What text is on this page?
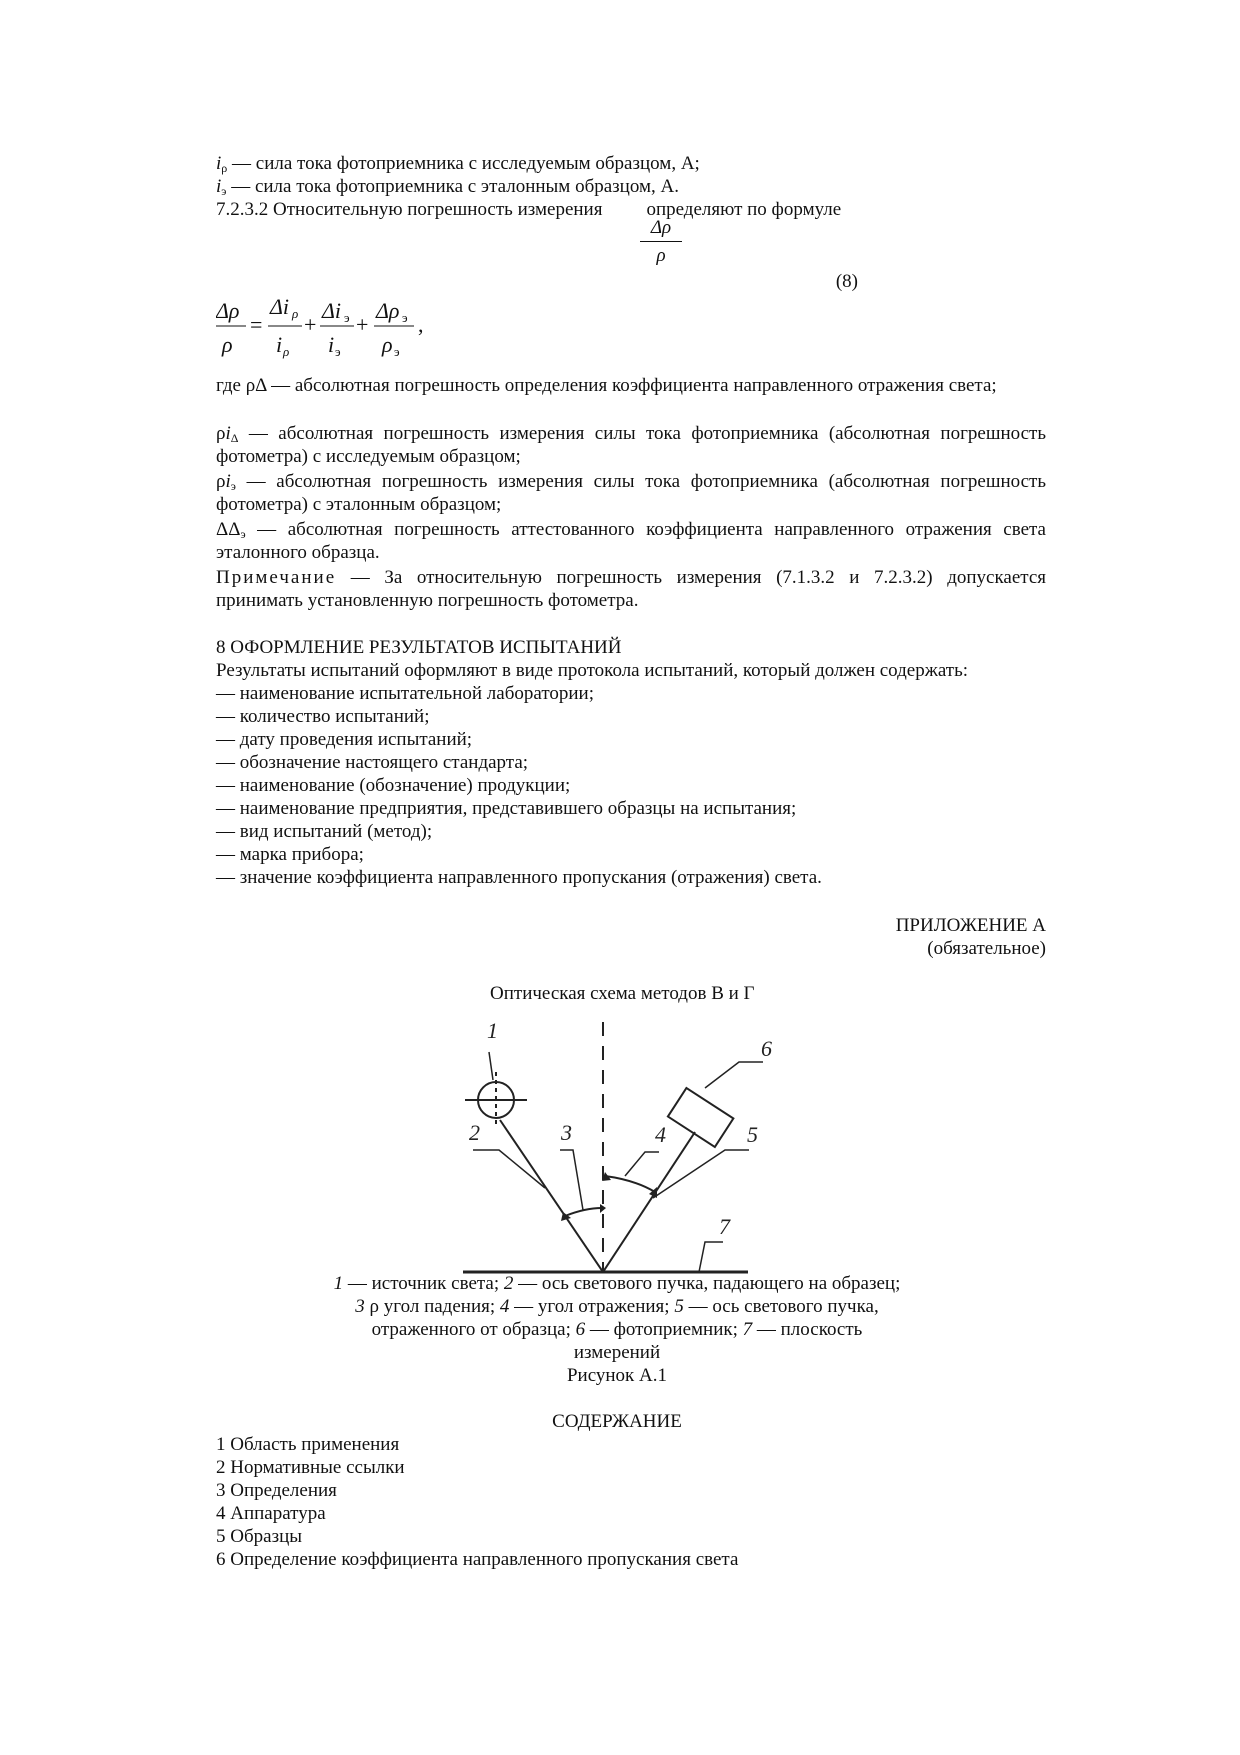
$i_\rho$ — сила тока фотоприемника с исследуемым образцом, А;
$i_э$ — сила тока фотоприемника с эталонным образцом, А.
7.2.3.2 Относительную погрешность измерения определяют по формуле
Δρ
ρ
(8)
Δρ
ρ
=
Δi ρ
i ρ
+
Δi э
i э
+
Δρ э
ρ э
,
где ρΔ — абсолютная погрешность определения коэффициента направленного отражения света;
$\rho i_\Delta$ — абсолютная погрешность измерения силы тока фотоприемника (абсолютная погрешность фотометра) с исследуемым образцом;
$\rho i_э$ — абсолютная погрешность измерения силы тока фотоприемника (абсолютная погрешность фотометра) с эталонным образцом;
$\Delta\Delta_э$ — абсолютная погрешность аттестованного коэффициента направленного отражения света эталонного образца.
Примечание — За относительную погрешность измерения (7.1.3.2 и 7.2.3.2) допускается принимать установленную погрешность фотометра.
8 ОФОРМЛЕНИЕ РЕЗУЛЬТАТОВ ИСПЫТАНИЙ
Результаты испытаний оформляют в виде протокола испытаний, который должен содержать:
— наименование испытательной лаборатории;
— количество испытаний;
— дату проведения испытаний;
— обозначение настоящего стандарта;
— наименование (обозначение) продукции;
— наименование предприятия, представившего образцы на испытания;
— вид испытаний (метод);
— марка прибора;
— значение коэффициента направленного пропускания (отражения) света.
ПРИЛОЖЕНИЕ А
(обязательное)
Оптическая схема методов В и Г
1
2	3	4	5
6
7
1 — источник света; 2 — ось светового пучка, падающего на образец;
3 ρ угол падения; 4 — угол отражения; 5 — ось светового пучка,
отраженного от образца; 6 — фотоприемник; 7 — плоскость
измерений
Рисунок А.1
СОДЕРЖАНИЕ
1 Область применения
2 Нормативные ссылки
3 Определения
4 Аппаратура
5 Образцы
6 Определение коэффициента направленного пропускания света
